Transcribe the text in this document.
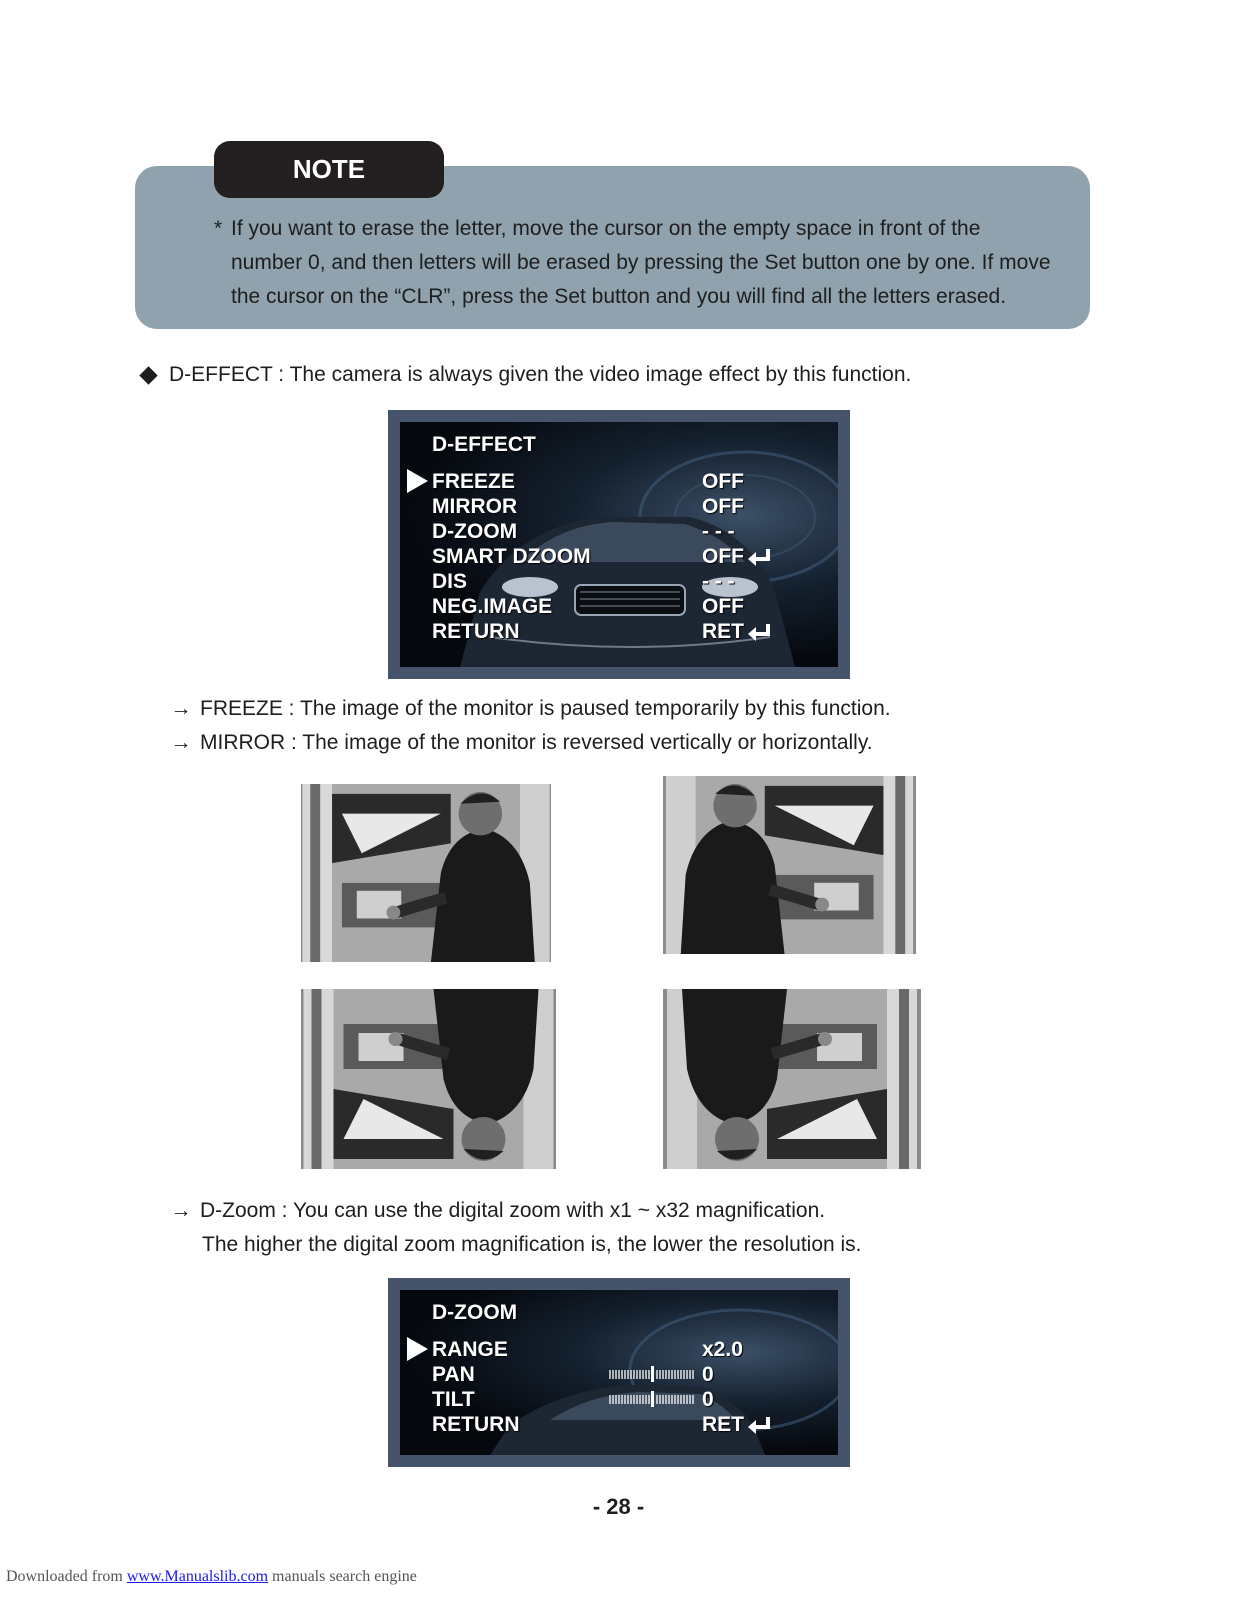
NOTE
* If you want to erase the letter, move the cursor on the empty space in front of the number 0, and then letters will be erased by pressing the Set button one by one. If move the cursor on the “CLR”, press the Set button and you will find all the letters erased.
D-EFFECT : The camera is always given the video image effect by this function.
D-EFFECT
FREEZE	OFF
MIRROR	OFF
D-ZOOM	- - -
SMART DZOOM	OFF
DIS	- - -
NEG.IMAGE	OFF
RETURN	RET
→ FREEZE : The image of the monitor is paused temporarily by this function.
→ MIRROR : The image of the monitor is reversed vertically or horizontally.
→ D-Zoom : You can use the digital zoom with x1 ~ x32 magnification.
The higher the digital zoom magnification is, the lower the resolution is.
D-ZOOM
RANGE	x2.0
PAN	0
TILT	0
RETURN	RET
- 28 -
Downloaded from www.Manualslib.com manuals search engine
